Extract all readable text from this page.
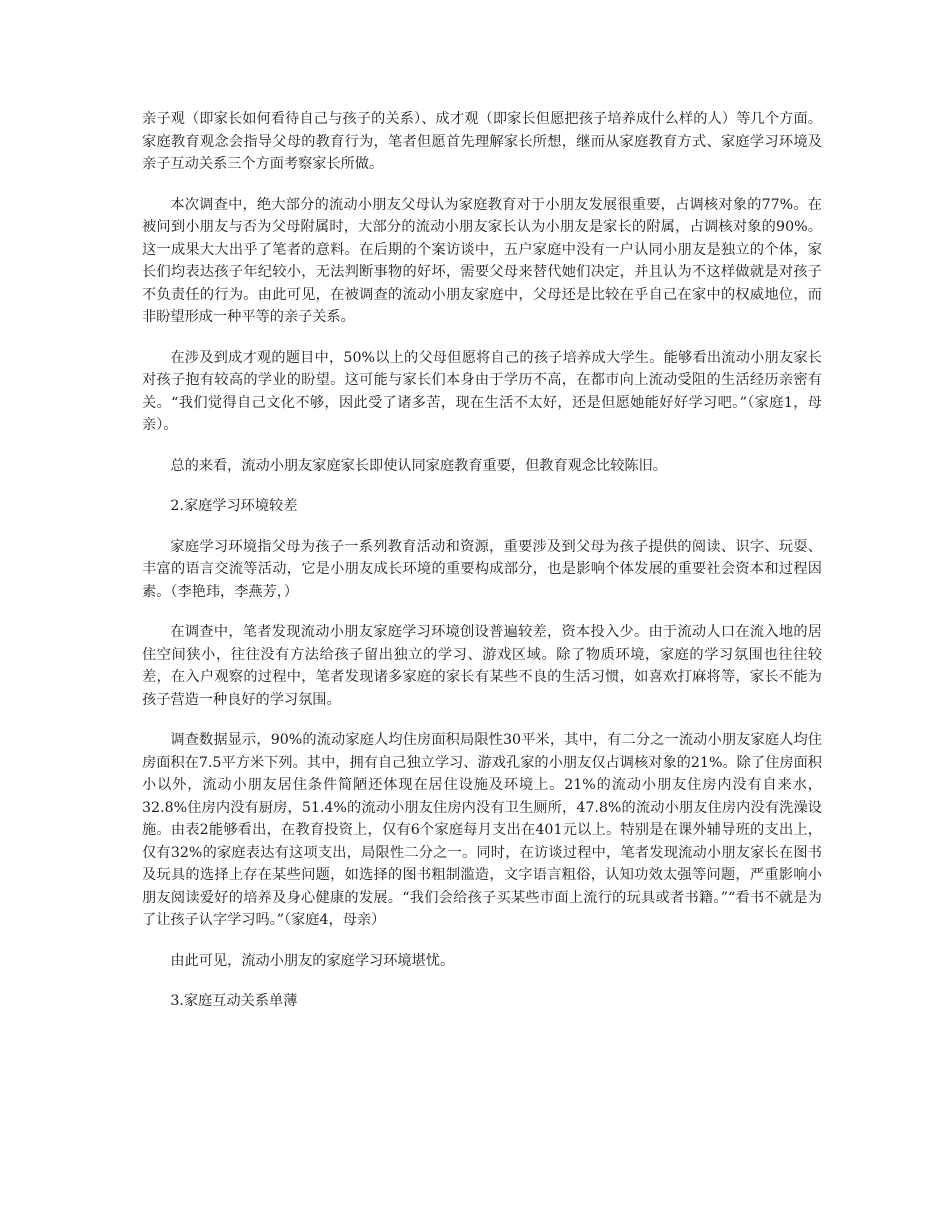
亲子观（即家长如何看待自己与孩子的关系）、成才观（即家长但愿把孩子培养成什么样的人）等几个方面。家庭教育观念会指导父母的教育行为，笔者但愿首先理解家长所想，继而从家庭教育方式、家庭学习环境及亲子互动关系三个方面考察家长所做。

本次调查中，绝大部分的流动小朋友父母认为家庭教育对于小朋友发展很重要，占调核对象的77%。在被问到小朋友与否为父母附属时，大部分的流动小朋友家长认为小朋友是家长的附属，占调核对象的90%。这一成果大大出乎了笔者的意料。在后期的个案访谈中，五户家庭中没有一户认同小朋友是独立的个体，家长们均表达孩子年纪较小，无法判断事物的好坏，需要父母来替代她们决定，并且认为不这样做就是对孩子不负责任的行为。由此可见，在被调查的流动小朋友家庭中，父母还是比较在乎自己在家中的权威地位，而非盼望形成一种平等的亲子关系。

在涉及到成才观的题目中，50%以上的父母但愿将自己的孩子培养成大学生。能够看出流动小朋友家长对孩子抱有较高的学业的盼望。这可能与家长们本身由于学历不高，在都市向上流动受阻的生活经历亲密有关。“我们觉得自己文化不够，因此受了诸多苦，现在生活不太好，还是但愿她能好好学习吧。”（家庭1，母亲）。

总的来看，流动小朋友家庭家长即使认同家庭教育重要，但教育观念比较陈旧。

2.家庭学习环境较差

家庭学习环境指父母为孩子一系列教育活动和资源，重要涉及到父母为孩子提供的阅读、识字、玩耍、丰富的语言交流等活动，它是小朋友成长环境的重要构成部分，也是影响个体发展的重要社会资本和过程因素。（李艳玮，李燕芳，）

在调查中，笔者发现流动小朋友家庭学习环境创设普遍较差，资本投入少。由于流动人口在流入地的居住空间狭小，往往没有方法给孩子留出独立的学习、游戏区域。除了物质环境，家庭的学习氛围也往往较差，在入户观察的过程中，笔者发现诸多家庭的家长有某些不良的生活习惯，如喜欢打麻将等，家长不能为孩子营造一种良好的学习氛围。

调查数据显示，90%的流动家庭人均住房面积局限性30平米，其中，有二分之一流动小朋友家庭人均住房面积在7.5平方米下列。其中，拥有自己独立学习、游戏孔家的小朋友仅占调核对象的21%。除了住房面积小以外，流动小朋友居住条件简陋还体现在居住设施及环境上。21%的流动小朋友住房内没有自来水，32.8%住房内没有厨房，51.4%的流动小朋友住房内没有卫生厕所，47.8%的流动小朋友住房内没有洗澡设施。由表2能够看出，在教育投资上，仅有6个家庭每月支出在401元以上。特别是在课外辅导班的支出上，仅有32%的家庭表达有这项支出，局限性二分之一。同时，在访谈过程中，笔者发现流动小朋友家长在图书及玩具的选择上存在某些问题，如选择的图书粗制滥造，文字语言粗俗，认知功效太强等问题，严重影响小朋友阅读爱好的培养及身心健康的发展。“我们会给孩子买某些市面上流行的玩具或者书籍。”“看书不就是为了让孩子认字学习吗。”（家庭4，母亲）

由此可见，流动小朋友的家庭学习环境堪忧。

3.家庭互动关系单薄
